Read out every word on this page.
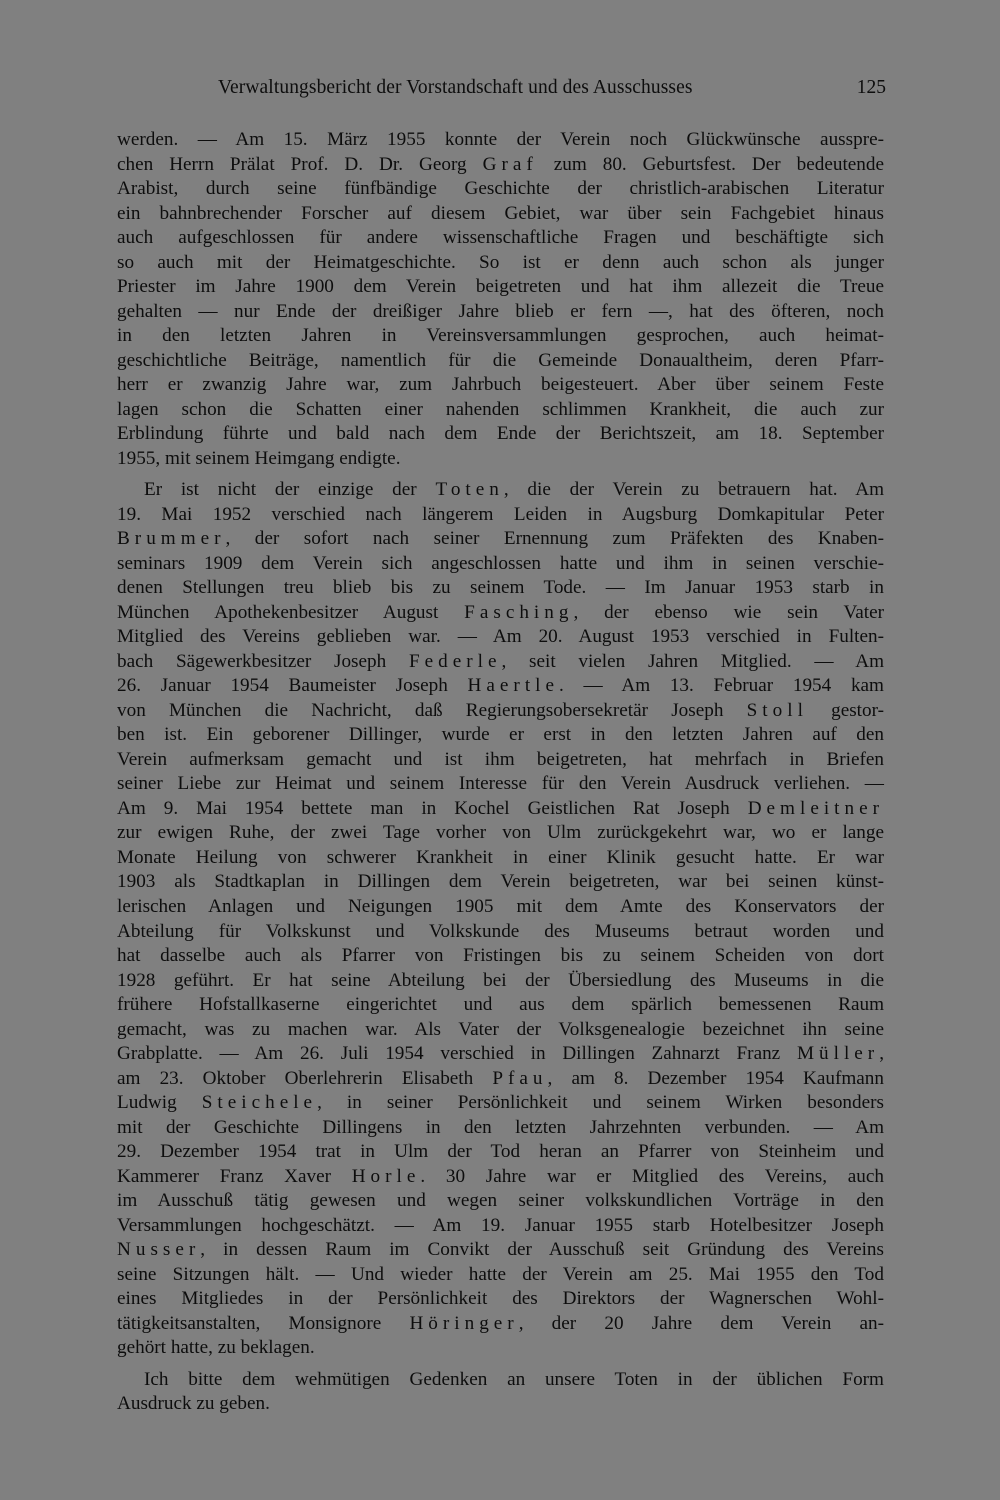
Verwaltungsbericht der Vorstandschaft und des Ausschusses	125
werden. — Am 15. März 1955 konnte der Verein noch Glückwünsche ausspre-
chen Herrn Prälat Prof. D. Dr. Georg Graf zum 80. Geburtsfest. Der bedeutende
Arabist, durch seine fünfbändige Geschichte der christlich-arabischen Literatur
ein bahnbrechender Forscher auf diesem Gebiet, war über sein Fachgebiet hinaus
auch aufgeschlossen für andere wissenschaftliche Fragen und beschäftigte sich
so auch mit der Heimatgeschichte. So ist er denn auch schon als junger
Priester im Jahre 1900 dem Verein beigetreten und hat ihm allezeit die Treue
gehalten — nur Ende der dreißiger Jahre blieb er fern —, hat des öfteren, noch
in den letzten Jahren in Vereinsversammlungen gesprochen, auch heimat-
geschichtliche Beiträge, namentlich für die Gemeinde Donaualtheim, deren Pfarr-
herr er zwanzig Jahre war, zum Jahrbuch beigesteuert. Aber über seinem Feste
lagen schon die Schatten einer nahenden schlimmen Krankheit, die auch zur
Erblindung führte und bald nach dem Ende der Berichtszeit, am 18. September
1955, mit seinem Heimgang endigte.
Er ist nicht der einzige der Toten, die der Verein zu betrauern hat. Am
19. Mai 1952 verschied nach längerem Leiden in Augsburg Domkapitular Peter
Brummer, der sofort nach seiner Ernennung zum Präfekten des Knaben-
seminars 1909 dem Verein sich angeschlossen hatte und ihm in seinen verschie-
denen Stellungen treu blieb bis zu seinem Tode. — Im Januar 1953 starb in
München Apothekenbesitzer August Fasching, der ebenso wie sein Vater
Mitglied des Vereins geblieben war. — Am 20. August 1953 verschied in Fulten-
bach Sägewerkbesitzer Joseph Federle, seit vielen Jahren Mitglied. — Am
26. Januar 1954 Baumeister Joseph Haertle. — Am 13. Februar 1954 kam
von München die Nachricht, daß Regierungsobersekretär Joseph Stoll gestor-
ben ist. Ein geborener Dillinger, wurde er erst in den letzten Jahren auf den
Verein aufmerksam gemacht und ist ihm beigetreten, hat mehrfach in Briefen
seiner Liebe zur Heimat und seinem Interesse für den Verein Ausdruck verliehen. —
Am 9. Mai 1954 bettete man in Kochel Geistlichen Rat Joseph Demleitner
zur ewigen Ruhe, der zwei Tage vorher von Ulm zurückgekehrt war, wo er lange
Monate Heilung von schwerer Krankheit in einer Klinik gesucht hatte. Er war
1903 als Stadtkaplan in Dillingen dem Verein beigetreten, war bei seinen künst-
lerischen Anlagen und Neigungen 1905 mit dem Amte des Konservators der
Abteilung für Volkskunst und Volkskunde des Museums betraut worden und
hat dasselbe auch als Pfarrer von Fristingen bis zu seinem Scheiden von dort
1928 geführt. Er hat seine Abteilung bei der Übersiedlung des Museums in die
frühere Hofstallkaserne eingerichtet und aus dem spärlich bemessenen Raum
gemacht, was zu machen war. Als Vater der Volksgenealogie bezeichnet ihn seine
Grabplatte. — Am 26. Juli 1954 verschied in Dillingen Zahnarzt Franz Müller,
am 23. Oktober Oberlehrerin Elisabeth Pfau, am 8. Dezember 1954 Kaufmann
Ludwig Steichele, in seiner Persönlichkeit und seinem Wirken besonders
mit der Geschichte Dillingens in den letzten Jahrzehnten verbunden. — Am
29. Dezember 1954 trat in Ulm der Tod heran an Pfarrer von Steinheim und
Kammerer Franz Xaver Horle. 30 Jahre war er Mitglied des Vereins, auch
im Ausschuß tätig gewesen und wegen seiner volkskundlichen Vorträge in den
Versammlungen hochgeschätzt. — Am 19. Januar 1955 starb Hotelbesitzer Joseph
Nusser, in dessen Raum im Convikt der Ausschuß seit Gründung des Vereins
seine Sitzungen hält. — Und wieder hatte der Verein am 25. Mai 1955 den Tod
eines Mitgliedes in der Persönlichkeit des Direktors der Wagnerschen Wohl-
tätigkeitsanstalten, Monsignore Höringer, der 20 Jahre dem Verein an-
gehört hatte, zu beklagen.
Ich bitte dem wehmütigen Gedenken an unsere Toten in der üblichen Form
Ausdruck zu geben.
